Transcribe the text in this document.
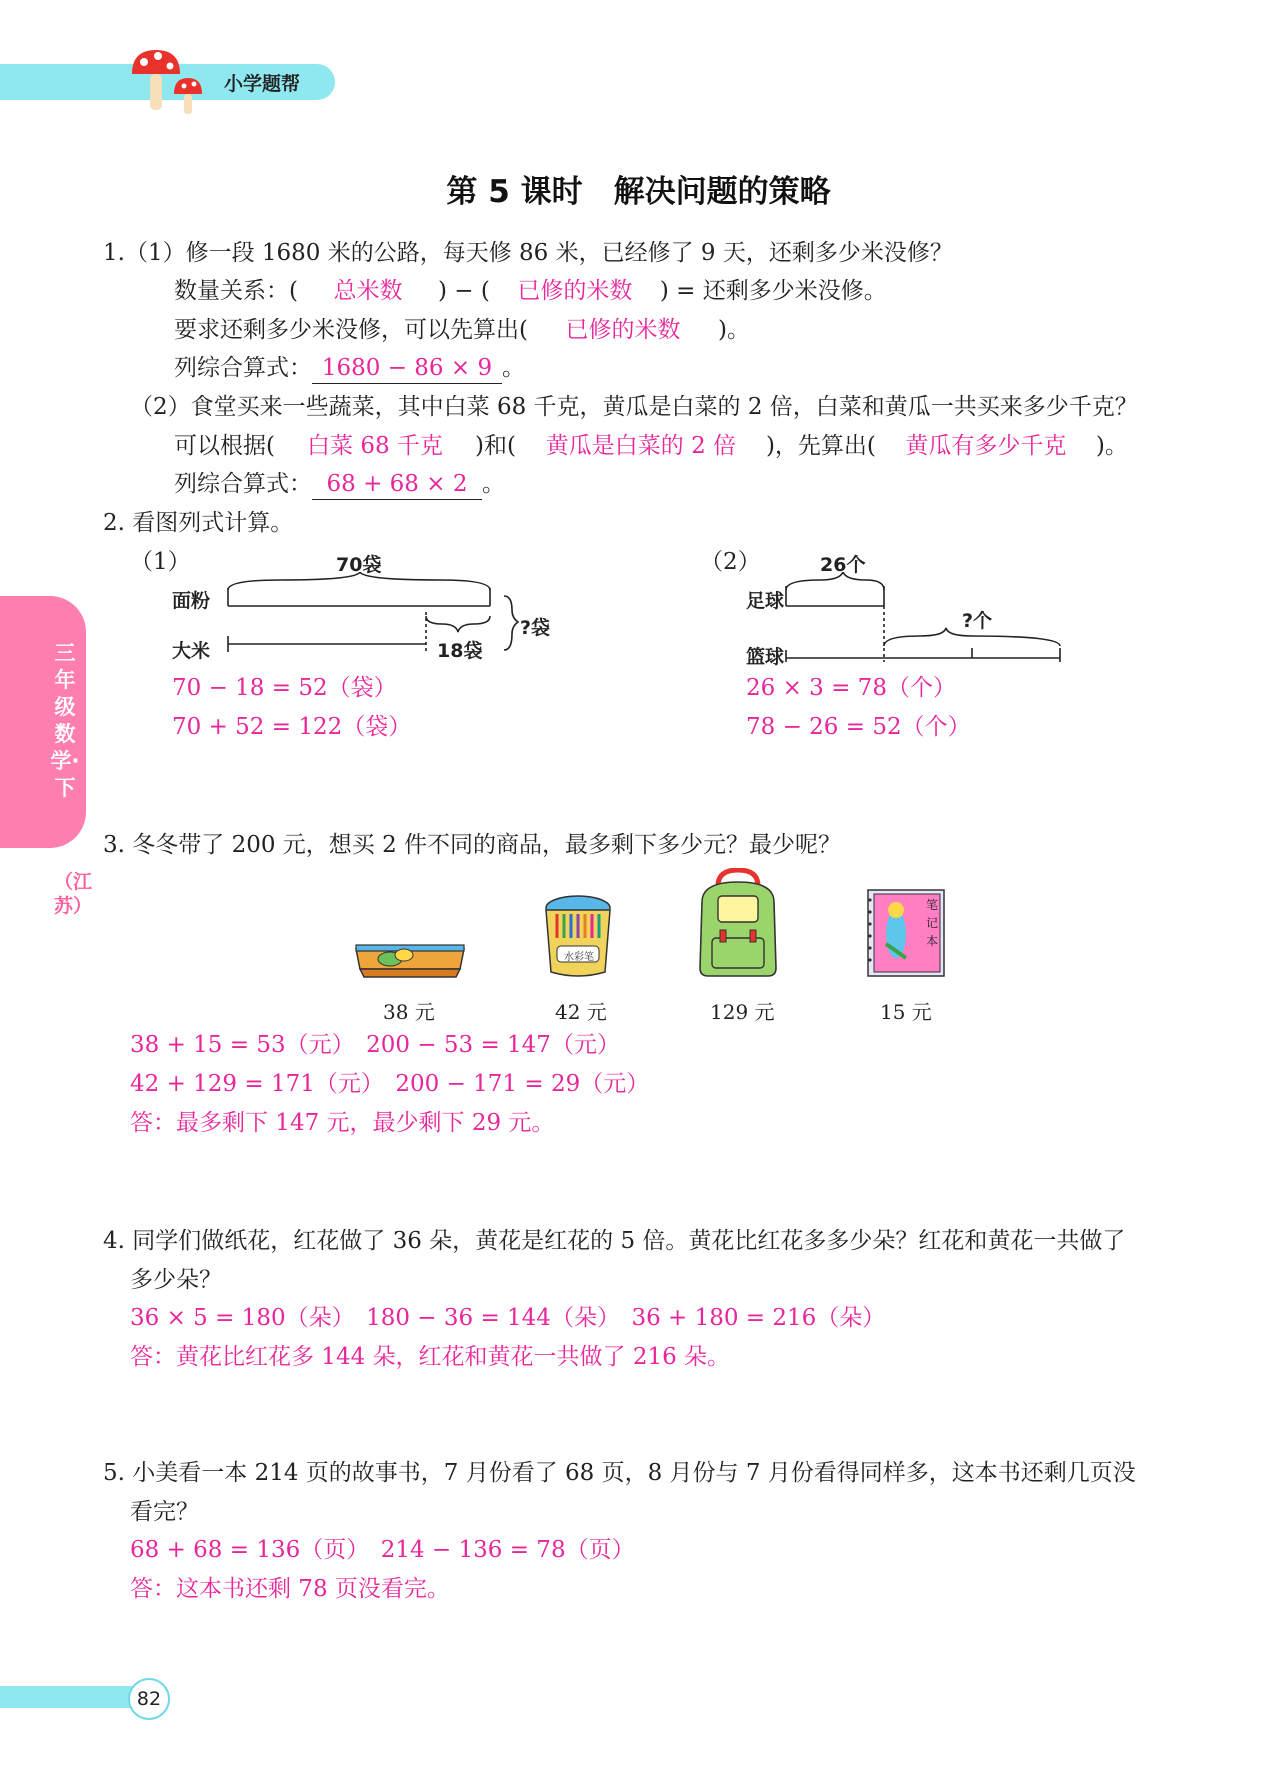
小学题帮
第 5 课时　解决问题的策略
三年级数学·下
（江苏）
1.（1）修一段 1680 米的公路，每天修 86 米，已经修了 9 天，还剩多少米没修？
数量关系：( 总米数 ) − ( 已修的米数 ) = 还剩多少米没修。
要求还剩多少米没修，可以先算出( 已修的米数 )。
列综合算式： 1680 − 86 × 9 。
（2）食堂买来一些蔬菜，其中白菜 68 千克，黄瓜是白菜的 2 倍，白菜和黄瓜一共买来多少千克？
可以根据( 白菜 68 千克 )和( 黄瓜是白菜的 2 倍 )，先算出( 黄瓜有多少千克 )。
列综合算式： 68 + 68 × 2 。
2. 看图列式计算。
（1）	70袋
面粉
大米	18袋
?袋
70 − 18 = 52（袋）
70 + 52 = 122（袋）
（2）	26个
足球
篮球
?个
26 × 3 = 78（个）
78 − 26 = 52（个）
3. 冬冬带了 200 元，想买 2 件不同的商品，最多剩下多少元？最少呢？
38 元
水彩笔
42 元	129 元
笔记本
15 元
38 + 15 = 53（元）　200 − 53 = 147（元）
42 + 129 = 171（元）　200 − 171 = 29（元）
答：最多剩下 147 元，最少剩下 29 元。
4. 同学们做纸花，红花做了 36 朵，黄花是红花的 5 倍。黄花比红花多多少朵？红花和黄花一共做了
多少朵？
36 × 5 = 180（朵）　180 − 36 = 144（朵）　36 + 180 = 216（朵）
答：黄花比红花多 144 朵，红花和黄花一共做了 216 朵。
5. 小美看一本 214 页的故事书，7 月份看了 68 页，8 月份与 7 月份看得同样多，这本书还剩几页没
看完？
68 + 68 = 136（页）　214 − 136 = 78（页）
答：这本书还剩 78 页没看完。
82
